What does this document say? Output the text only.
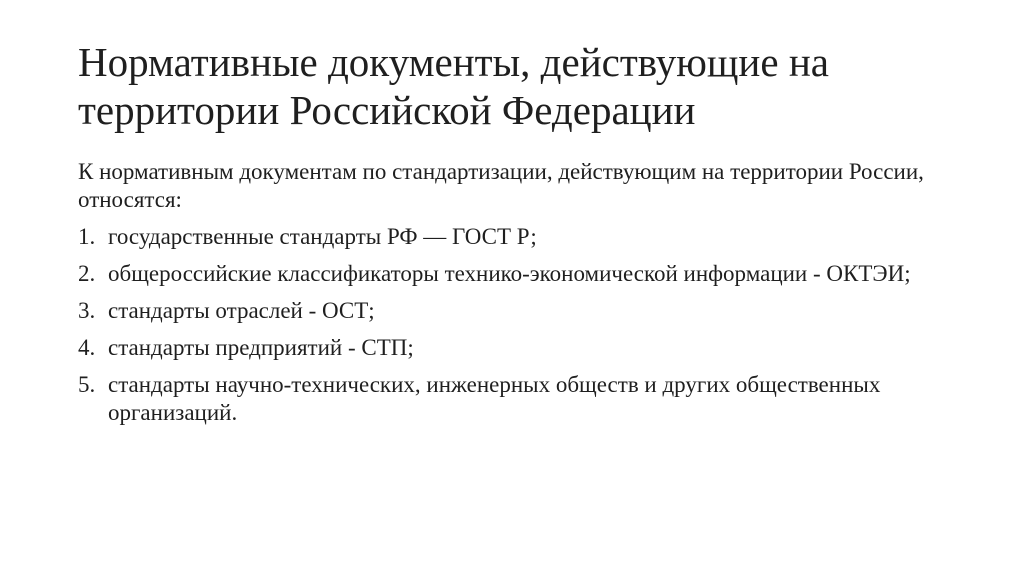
Нормативные документы, действующие на территории Российской Федерации

К нормативным документам по стандартизации, действующим на территории России, относятся:

1. государственные стандарты РФ — ГОСТ Р;
2. общероссийские классификаторы технико-экономической информации - ОКТЭИ;
3. стандарты отраслей - ОСТ;
4. стандарты предприятий - СТП;
5. стандарты научно-технических, инженерных обществ и других общественных организаций.
